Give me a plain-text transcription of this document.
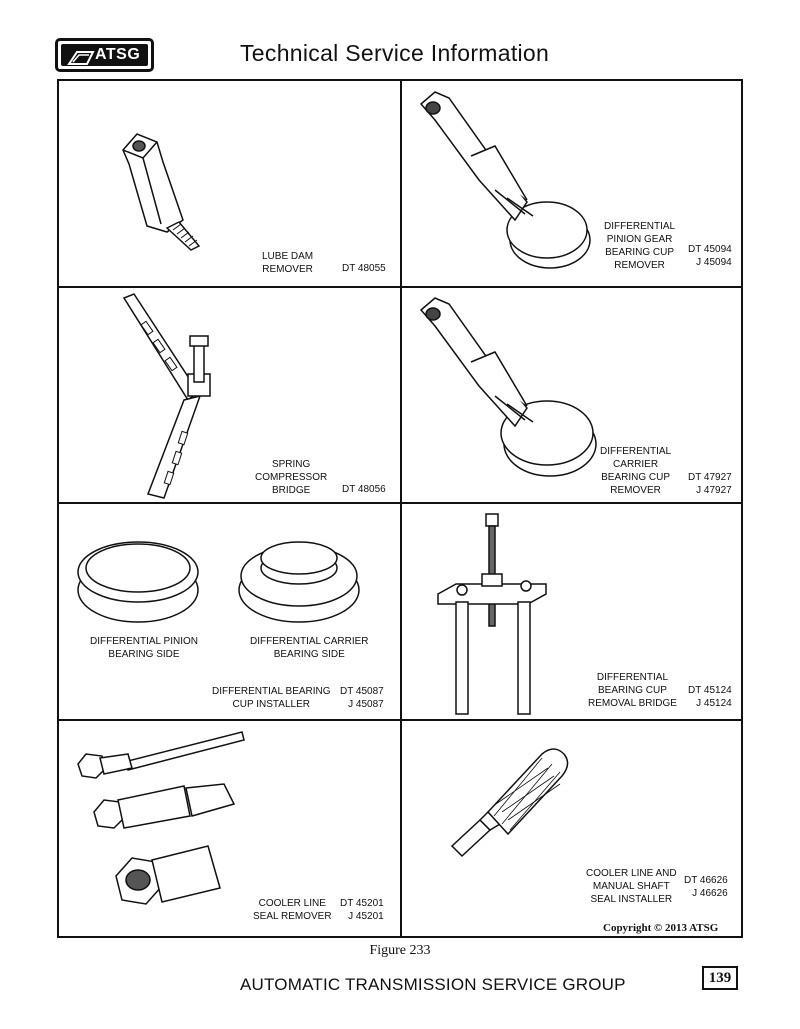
ATSG	Technical Service Information
LUBE DAM
REMOVER	DT 48055
DIFFERENTIAL
PINION GEAR
BEARING CUP
REMOVER
DT 45094
J 45094
SPRING
COMPRESSOR
BRIDGE	DT 48056
DIFFERENTIAL
CARRIER
BEARING CUP
REMOVER
DT 47927
J 47927
DIFFERENTIAL PINION
BEARING SIDE
DIFFERENTIAL CARRIER
BEARING SIDE
DIFFERENTIAL BEARING
CUP INSTALLER
DT 45087
J 45087
DIFFERENTIAL
BEARING CUP
REMOVAL BRIDGE
DT 45124
J 45124
COOLER LINE
SEAL REMOVER
DT 45201
J 45201
COOLER LINE AND
MANUAL SHAFT
SEAL INSTALLER
DT 46626
J 46626
Copyright © 2013 ATSG
Figure 233
AUTOMATIC TRANSMISSION SERVICE GROUP	139
